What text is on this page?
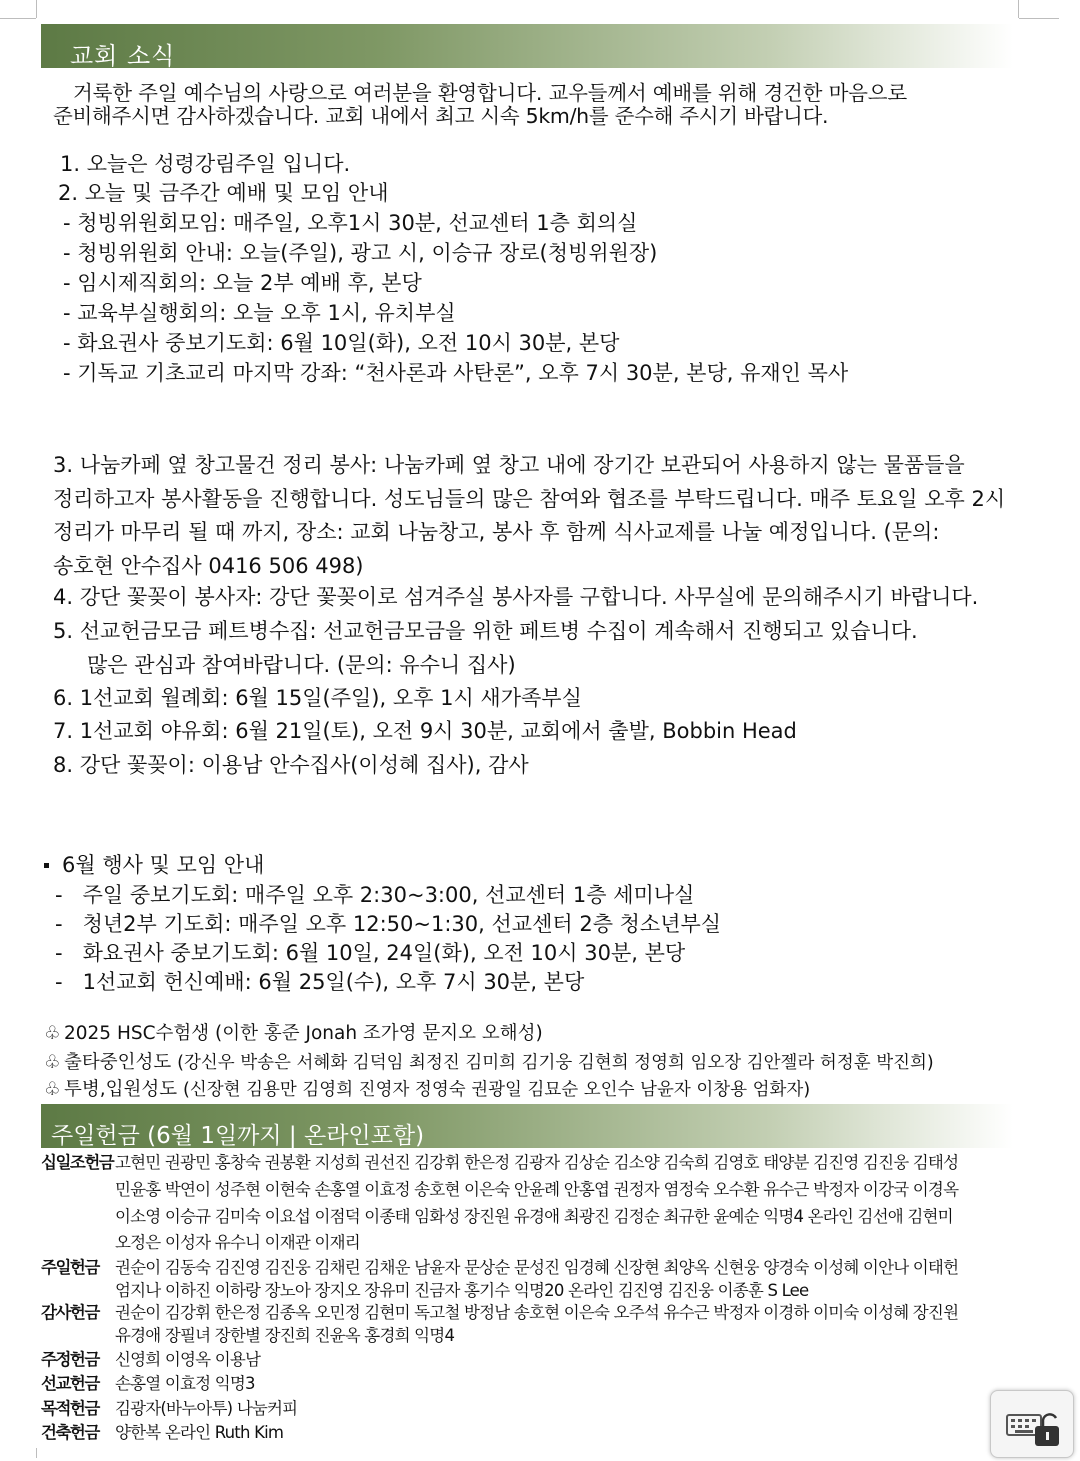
교회 소식
거룩한 주일 예수님의 사랑으로 여러분을 환영합니다. 교우들께서 예배를 위해 경건한 마음으로
준비해주시면 감사하겠습니다. 교회 내에서 최고 시속 5km/h를 준수해 주시기 바랍니다.
1. 오늘은 성령강림주일 입니다.
2. 오늘 및 금주간 예배 및 모임 안내
- 청빙위원회모임: 매주일, 오후1시 30분, 선교센터 1층 회의실
- 청빙위원회 안내: 오늘(주일), 광고 시, 이승규 장로(청빙위원장)
- 임시제직회의: 오늘 2부 예배 후, 본당
- 교육부실행회의: 오늘 오후 1시, 유치부실
- 화요권사 중보기도회: 6월 10일(화), 오전 10시 30분, 본당
- 기독교 기초교리 마지막 강좌: “천사론과 사탄론”, 오후 7시 30분, 본당, 유재인 목사
3. 나눔카페 옆 창고물건 정리 봉사: 나눔카페 옆 창고 내에 장기간 보관되어 사용하지 않는 물품들을
정리하고자 봉사활동을 진행합니다. 성도님들의 많은 참여와 협조를 부탁드립니다. 매주 토요일 오후 2시
정리가 마무리 될 때 까지, 장소: 교회 나눔창고, 봉사 후 함께 식사교제를 나눌 예정입니다. (문의:
송호현 안수집사 0416 506 498)
4. 강단 꽃꽂이 봉사자: 강단 꽃꽂이로 섬겨주실 봉사자를 구합니다. 사무실에 문의해주시기 바랍니다.
5. 선교헌금모금 페트병수집: 선교헌금모금을 위한 페트병 수집이 계속해서 진행되고 있습니다.
많은 관심과 참여바랍니다. (문의: 유수니 집사)
6. 1선교회 월례회: 6월 15일(주일), 오후 1시 새가족부실
7. 1선교회 야유회: 6월 21일(토), 오전 9시 30분, 교회에서 출발, Bobbin Head
8. 강단 꽃꽂이: 이용남 안수집사(이성혜 집사), 감사
6월 행사 및 모임 안내
-   주일 중보기도회: 매주일 오후 2:30~3:00, 선교센터 1층 세미나실
-   청년2부 기도회: 매주일 오후 12:50~1:30, 선교센터 2층 청소년부실
-   화요권사 중보기도회: 6월 10일, 24일(화), 오전 10시 30분, 본당
-   1선교회 헌신예배: 6월 25일(수), 오후 7시 30분, 본당
♧ 2025 HSC수험생 (이한 홍준 Jonah 조가영 문지오 오해성)
♧ 출타중인성도 (강신우 박송은 서혜화 김덕임 최정진 김미희 김기웅 김현희 정영희 임오장 김안젤라 허정훈 박진희)
♧ 투병,입원성도 (신장현 김용만 김영희 진영자 정영숙 권광일 김묘순 오인수 남윤자 이창용 엄화자)
주일헌금 (6월 1일까지 | 온라인포함)
십일조헌금 고현민 권광민 홍창숙 권봉환 지성희 권선진 김강휘 한은정 김광자 김상순 김소양 김숙희 김영호 태양분 김진영 김진웅 김태성
민윤홍 박연이 성주현 이현숙 손홍열 이효정 송호현 이은숙 안윤례 안홍엽 권정자 염정숙 오수환 유수근 박정자 이강국 이경옥
이소영 이승규 김미숙 이요섭 이점덕 이종태 임화성 장진원 유경애 최광진 김정순 최규한 윤예순 익명4 온라인 김선애 김현미
오정은 이성자 유수니 이재관 이재리
주일헌금 권순이 김동숙 김진영 김진웅 김채린 김채운 남윤자 문상순 문성진 임경혜 신장현 최양옥 신현웅 양경숙 이성혜 이안나 이태헌
엄지나 이하진 이하랑 장노아 장지오 장유미 진금자 홍기수 익명20 온라인 김진영 김진웅 이종훈 S Lee
감사헌금 권순이 김강휘 한은정 김종옥 오민정 김현미 독고철 방정남 송호현 이은숙 오주석 유수근 박정자 이경하 이미숙 이성혜 장진원
유경애 장필녀 장한별 장진희 진윤옥 홍경희 익명4
주정헌금 신영희 이영옥 이용남
선교헌금 손홍열 이효정 익명3
목적헌금 김광자(바누아투) 나눔커피
건축헌금 양한복 온라인 Ruth Kim
